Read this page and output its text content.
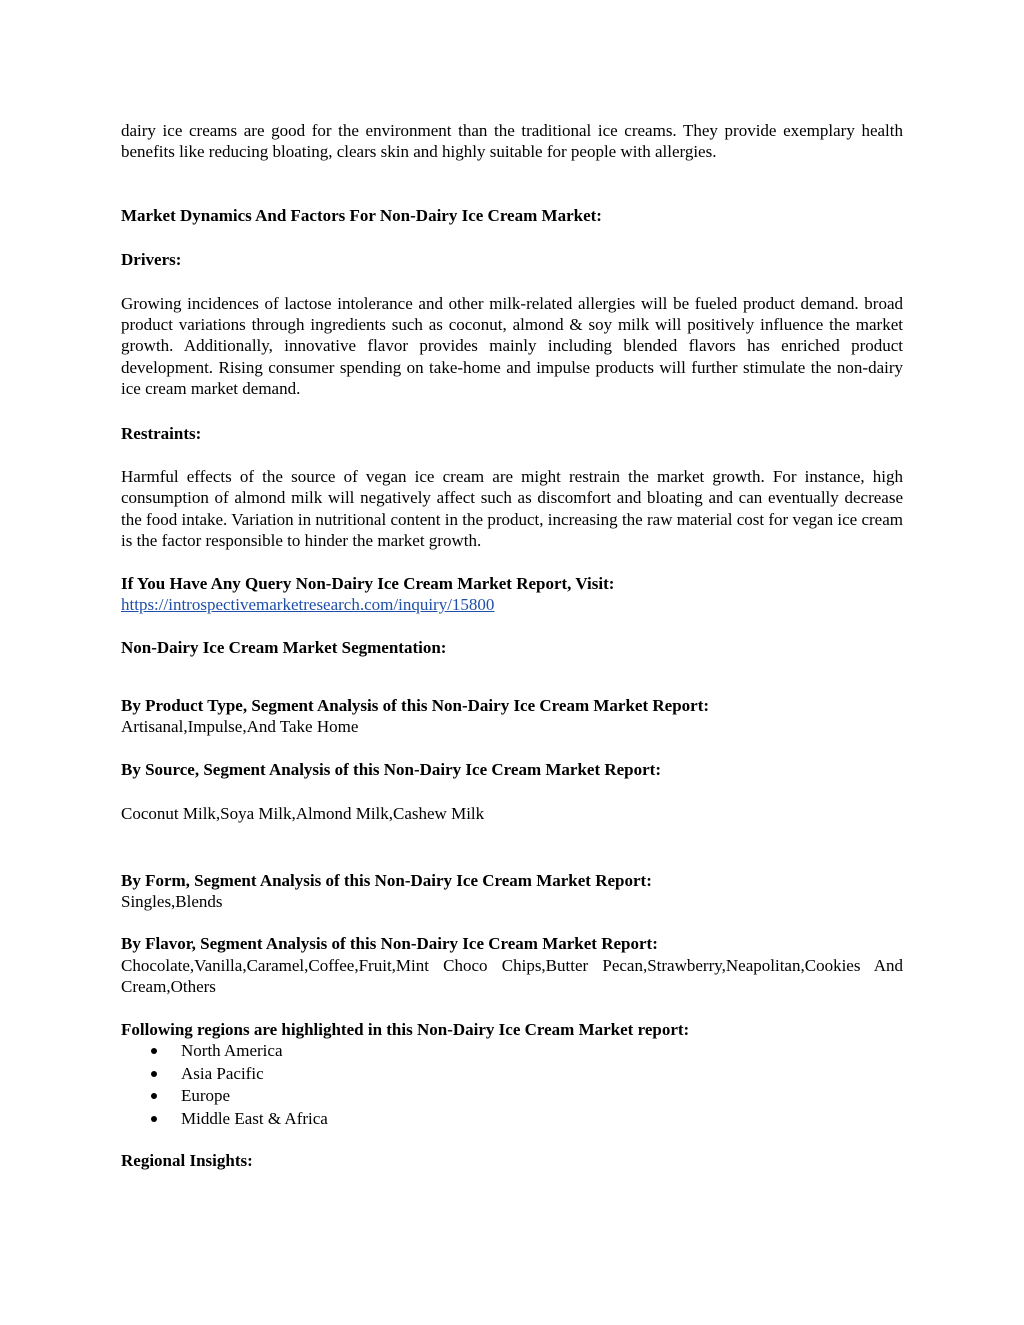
dairy ice creams are good for the environment than the traditional ice creams. They provide exemplary health benefits like reducing bloating, clears skin and highly suitable for people with allergies.

Market Dynamics And Factors For Non-Dairy Ice Cream Market:

Drivers:

Growing incidences of lactose intolerance and other milk-related allergies will be fueled product demand. broad product variations through ingredients such as coconut, almond & soy milk will positively influence the market growth. Additionally, innovative flavor provides mainly including blended flavors has enriched product development. Rising consumer spending on take-home and impulse products will further stimulate the non-dairy ice cream market demand.

Restraints:

Harmful effects of the source of vegan ice cream are might restrain the market growth. For instance, high consumption of almond milk will negatively affect such as discomfort and bloating and can eventually decrease the food intake. Variation in nutritional content in the product, increasing the raw material cost for vegan ice cream is the factor responsible to hinder the market growth.

If You Have Any Query Non-Dairy Ice Cream Market Report, Visit:

https://introspectivemarketresearch.com/inquiry/15800

Non-Dairy Ice Cream Market Segmentation:

By Product Type, Segment Analysis of this Non-Dairy Ice Cream Market Report:

Artisanal,Impulse,And Take Home

By Source, Segment Analysis of this Non-Dairy Ice Cream Market Report:

Coconut Milk,Soya Milk,Almond Milk,Cashew Milk

By Form, Segment Analysis of this Non-Dairy Ice Cream Market Report:

Singles,Blends

By Flavor, Segment Analysis of this Non-Dairy Ice Cream Market Report:

Chocolate,Vanilla,Caramel,Coffee,Fruit,Mint Choco Chips,Butter Pecan,Strawberry,Neapolitan,Cookies And Cream,Others

Following regions are highlighted in this Non-Dairy Ice Cream Market report:

North America
Asia Pacific
Europe
Middle East & Africa

Regional Insights:
